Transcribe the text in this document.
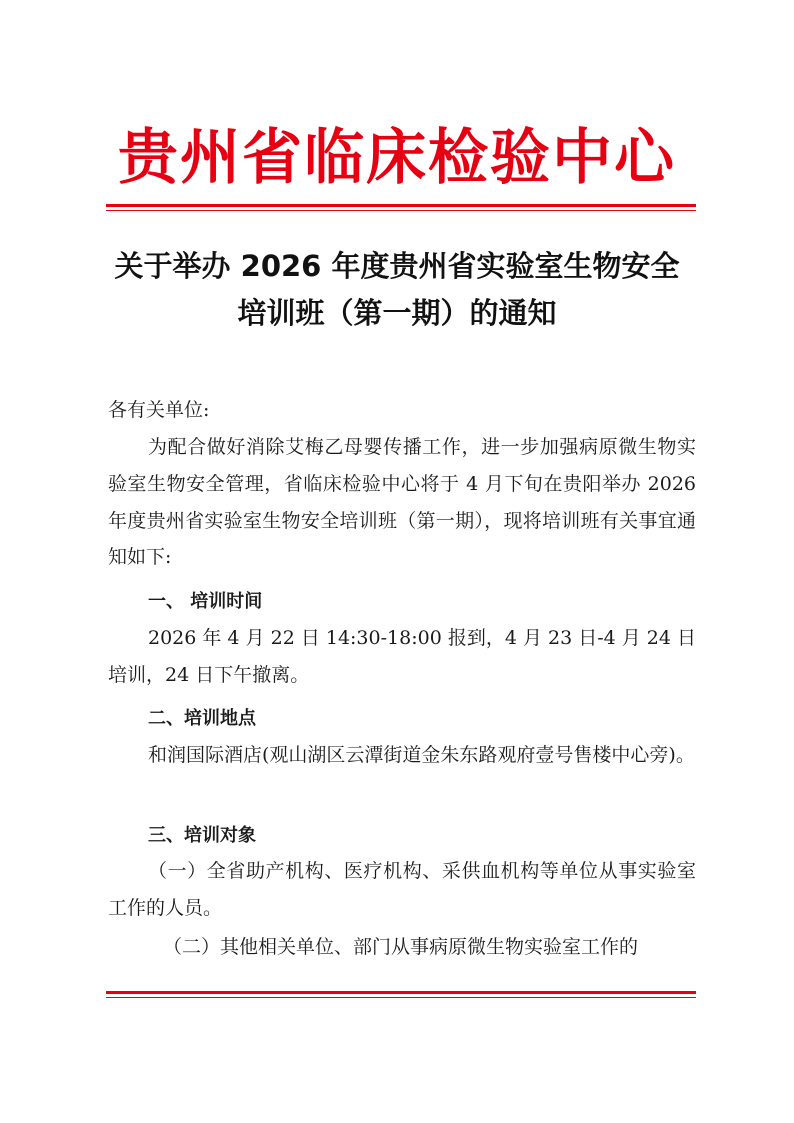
贵州省临床检验中心
关于举办 2026 年度贵州省实验室生物安全
培训班（第一期）的通知
各有关单位:
为配合做好消除艾梅乙母婴传播工作，进一步加强病原微生物实验室生物安全管理，省临床检验中心将于 4 月下旬在贵阳举办 2026 年度贵州省实验室生物安全培训班（第一期），现将培训班有关事宜通知如下:
一、 培训时间
2026 年 4 月 22 日 14:30-18:00 报到，4 月 23 日-4 月 24 日培训，24 日下午撤离。
二、培训地点
和润国际酒店(观山湖区云潭街道金朱东路观府壹号售楼中心旁)。
三、培训对象
（一）全省助产机构、医疗机构、采供血机构等单位从事实验室工作的人员。
（二）其他相关单位、部门从事病原微生物实验室工作的
